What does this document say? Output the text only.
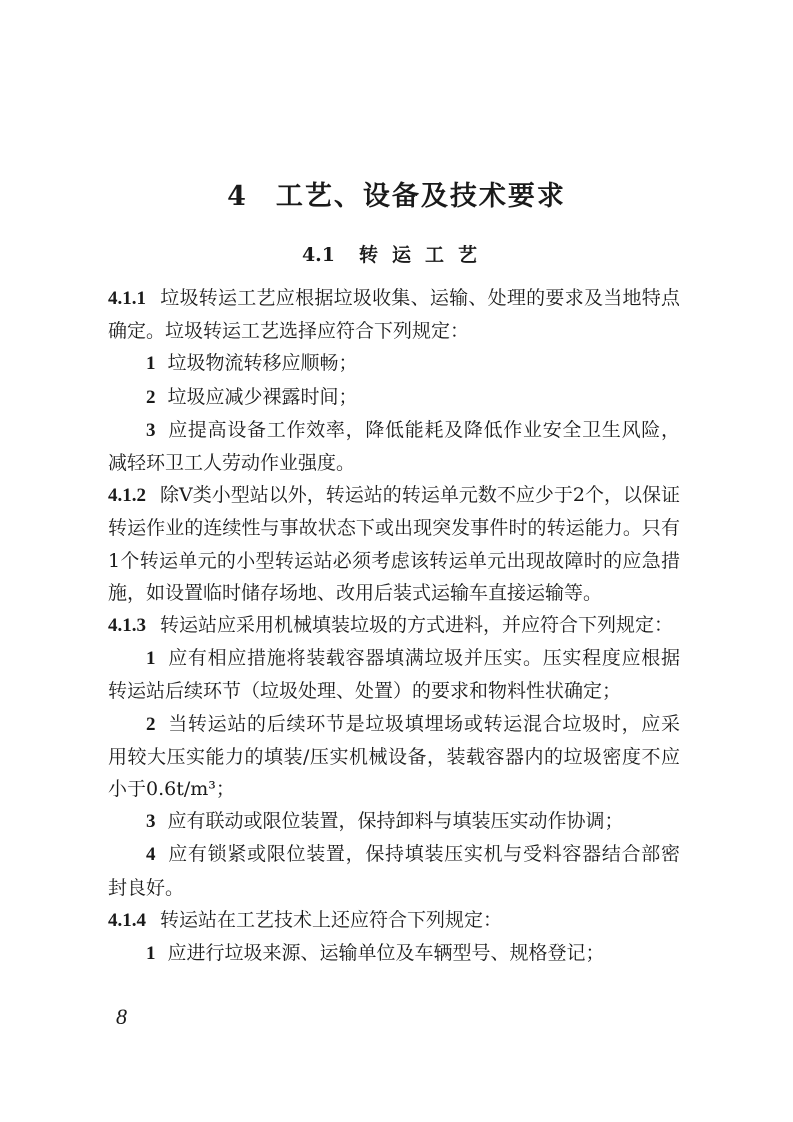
4 工艺、设备及技术要求
4.1 转运工艺

4.1.1 垃圾转运工艺应根据垃圾收集、运输、处理的要求及当地特点确定。垃圾转运工艺选择应符合下列规定：

1 垃圾物流转移应顺畅；

2 垃圾应减少裸露时间；

3 应提高设备工作效率，降低能耗及降低作业安全卫生风险，减轻环卫工人劳动作业强度。

4.1.2 除Ⅴ类小型站以外，转运站的转运单元数不应少于2个，以保证转运作业的连续性与事故状态下或出现突发事件时的转运能力。只有1个转运单元的小型转运站必须考虑该转运单元出现故障时的应急措施，如设置临时储存场地、改用后装式运输车直接运输等。

4.1.3 转运站应采用机械填装垃圾的方式进料，并应符合下列规定：

1 应有相应措施将装载容器填满垃圾并压实。压实程度应根据转运站后续环节（垃圾处理、处置）的要求和物料性状确定；

2 当转运站的后续环节是垃圾填埋场或转运混合垃圾时，应采用较大压实能力的填装/压实机械设备，装载容器内的垃圾密度不应小于0.6t/m³；

3 应有联动或限位装置，保持卸料与填装压实动作协调；

4 应有锁紧或限位装置，保持填装压实机与受料容器结合部密封良好。

4.1.4 转运站在工艺技术上还应符合下列规定：

1 应进行垃圾来源、运输单位及车辆型号、规格登记；

8
